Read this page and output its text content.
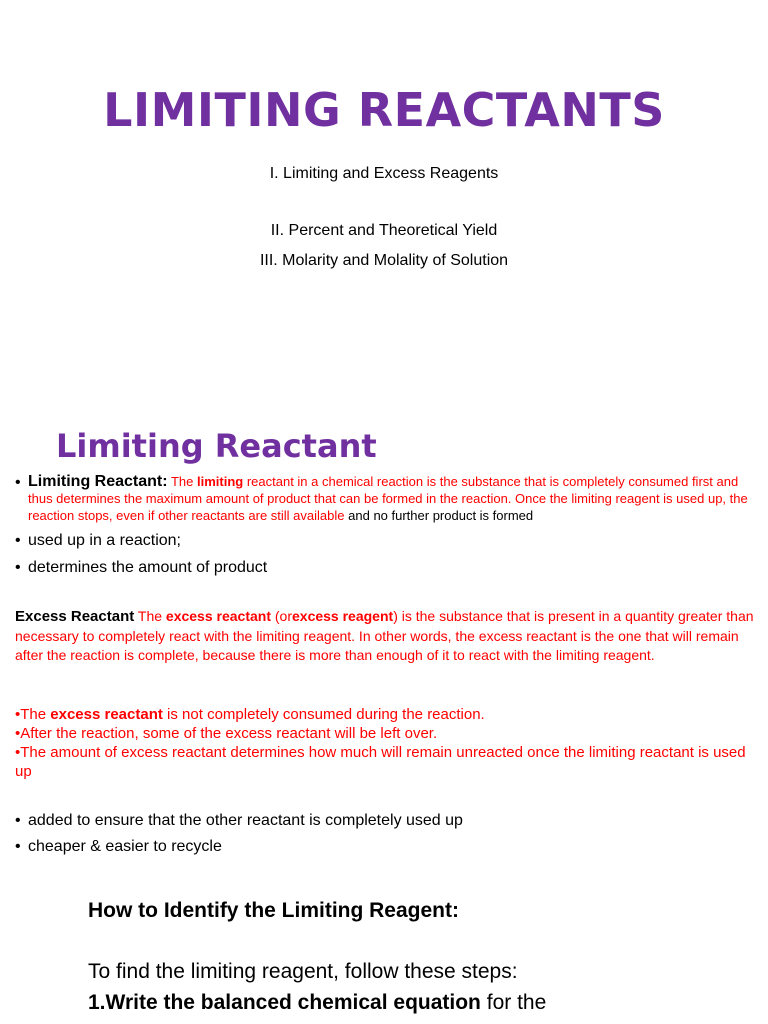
LIMITING REACTANTS
I. Limiting and Excess Reagents
II. Percent and Theoretical Yield
III. Molarity and Molality of Solution
Limiting Reactant
• Limiting Reactant: The limiting reactant in a chemical reaction is the substance that is completely consumed first and thus determines the maximum amount of product that can be formed in the reaction. Once the limiting reagent is used up, the reaction stops, even if other reactants are still available and no further product is formed
• used up in a reaction;
• determines the amount of product
Excess Reactant The excess reactant (orexcess reagent) is the substance that is present in a quantity greater than necessary to completely react with the limiting reagent. In other words, the excess reactant is the one that will remain after the reaction is complete, because there is more than enough of it to react with the limiting reagent.
•The excess reactant is not completely consumed during the reaction.
•After the reaction, some of the excess reactant will be left over.
•The amount of excess reactant determines how much will remain unreacted once the limiting reactant is used up
• added to ensure that the other reactant is completely used up
• cheaper & easier to recycle
How to Identify the Limiting Reagent:
To find the limiting reagent, follow these steps:
1.Write the balanced chemical equation for the
